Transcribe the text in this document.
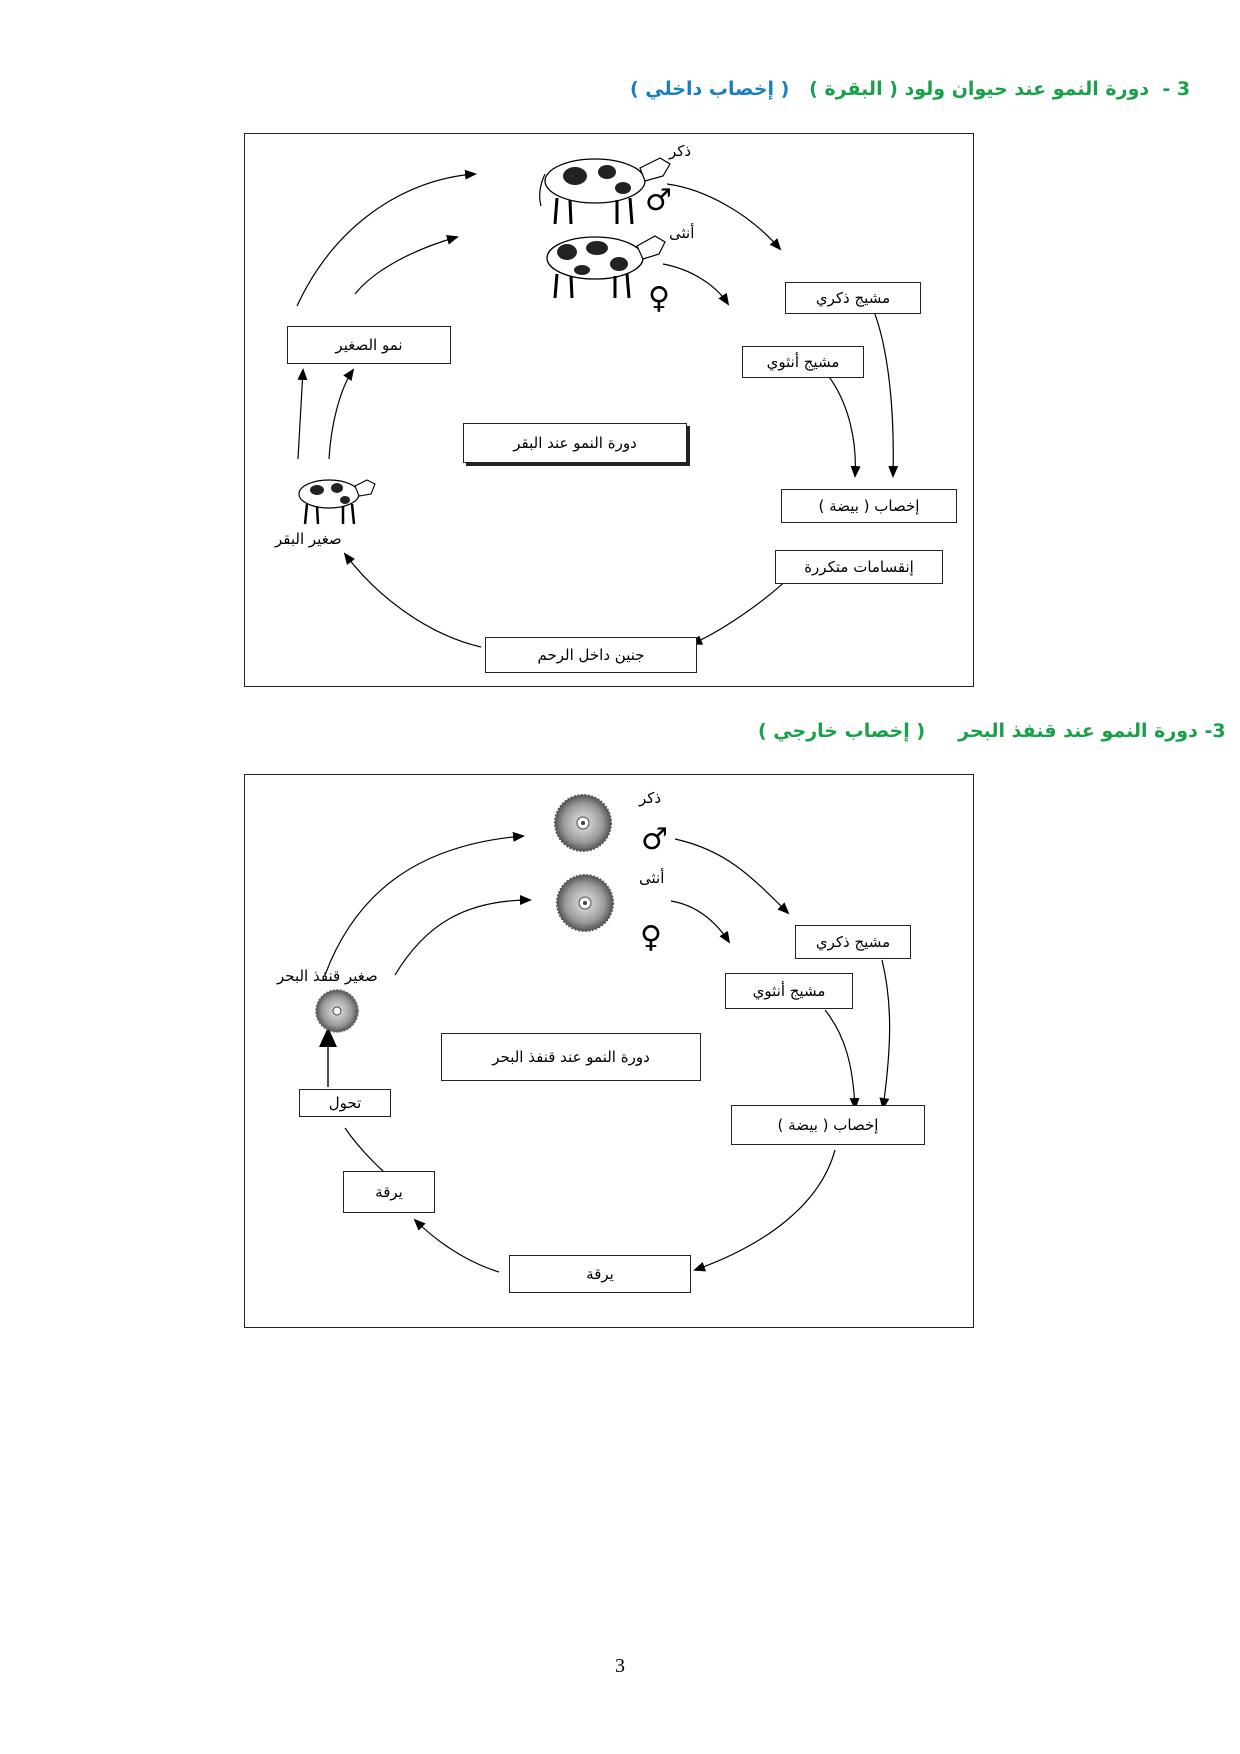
3 -  دورة النمو عند حيوان ولود ( البقرة )   ( إخصاب داخلي )
ذكر
♂
أنثى
♀	مشيج ذكري
مشيج أنثوي
إخصاب ( بيضة )
إنقسامات متكررة
جنين داخل الرحم
نمو الصغير
دورة النمو عند البقر
صغير البقر
3- دورة النمو عند قنفذ البحر     ( إخصاب خارجي )
ذكر
♂
أنثى
♀	مشيج ذكري
مشيج أنثوي
إخصاب ( بيضة )
يرقة
يرقة
تحول
دورة النمو عند قنفذ البحر
صغير قنفذ البحر
3
